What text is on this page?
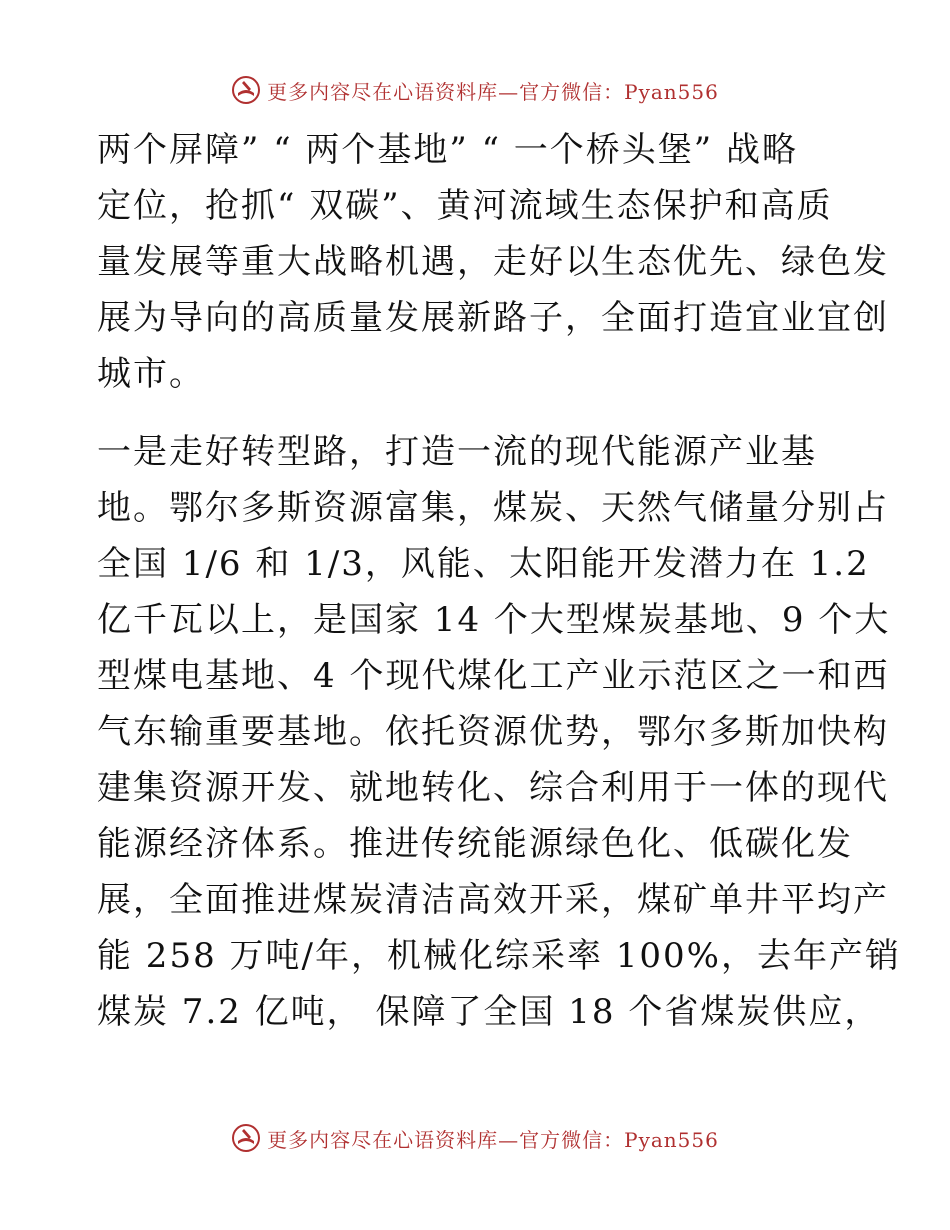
更多内容尽在心语资料库—官方微信：Pyan556
两个屏障” “ 两个基地” “ 一个桥头堡” 战略
定位，抢抓“ 双碳”、黄河流域生态保护和高质
量发展等重大战略机遇，走好以生态优先、绿色发
展为导向的高质量发展新路子，全面打造宜业宜创
城市。
一是走好转型路，打造一流的现代能源产业基
地。鄂尔多斯资源富集，煤炭、天然气储量分别占
全国 1/6 和 1/3，风能、太阳能开发潜力在 1.2
亿千瓦以上，是国家 14 个大型煤炭基地、9 个大
型煤电基地、4 个现代煤化工产业示范区之一和西
气东输重要基地。依托资源优势，鄂尔多斯加快构
建集资源开发、就地转化、综合利用于一体的现代
能源经济体系。推进传统能源绿色化、低碳化发
展，全面推进煤炭清洁高效开采，煤矿单井平均产
能 258 万吨/年，机械化综采率 100%，去年产销
煤炭 7.2 亿吨， 保障了全国 18 个省煤炭供应，
更多内容尽在心语资料库—官方微信：Pyan556
